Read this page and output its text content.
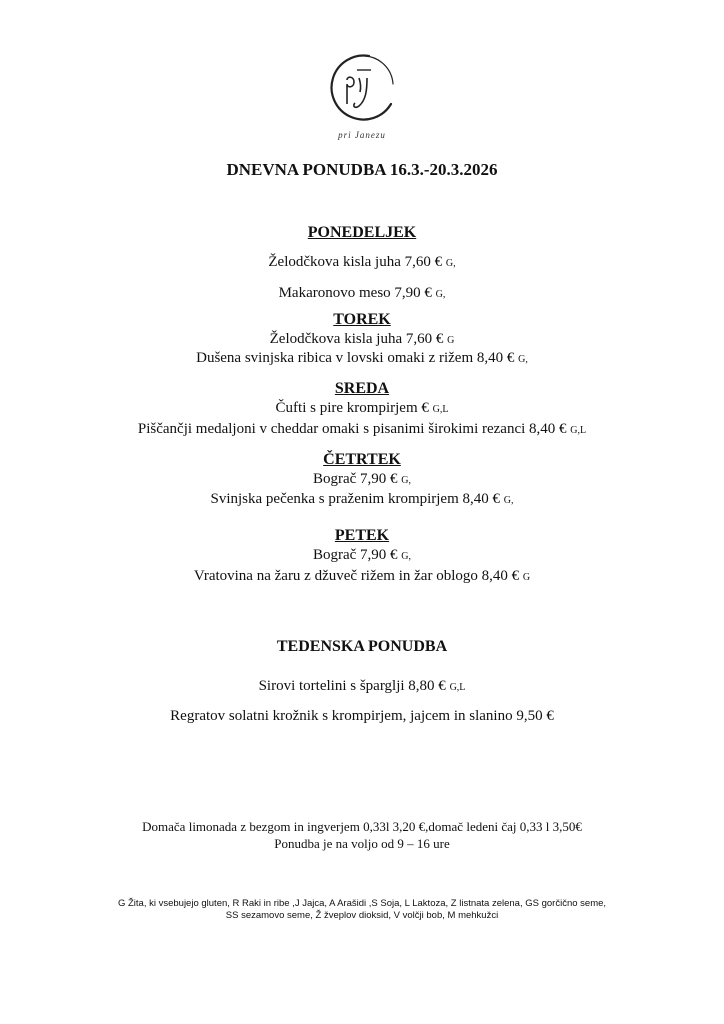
pri Janezu
DNEVNA PONUDBA 16.3.-20.3.2026
PONEDELJEK
Želodčkova kisla juha 7,60 € G,
Makaronovo meso 7,90 € G,
TOREK
Želodčkova kisla juha 7,60 € G
Dušena svinjska ribica v lovski omaki z rižem 8,40 € G,
SREDA
Čufti s pire krompirjem € G,L
Piščančji medaljoni v cheddar omaki s pisanimi širokimi rezanci 8,40 € G,L
ČETRTEK
Bograč 7,90 € G,
Svinjska pečenka s praženim krompirjem 8,40 € G,
PETEK
Bograč 7,90 € G,
Vratovina na žaru z džuveč rižem in žar oblogo 8,40 € G
TEDENSKA PONUDBA
Sirovi tortelini s šparglji 8,80 € G,L
Regratov solatni krožnik s krompirjem, jajcem in slanino 9,50 €
Domača limonada z bezgom in ingverjem 0,33l 3,20 €,domač ledeni čaj 0,33 l 3,50€
Ponudba je na voljo od 9 – 16 ure
G Žita, ki vsebujejo gluten, R Raki in ribe ,J Jajca, A Arašidi ,S Soja, L Laktoza, Z listnata zelena, GS gorčično seme,
SS sezamovo seme, Ž žveplov dioksid, V volčji bob, M mehkužci
